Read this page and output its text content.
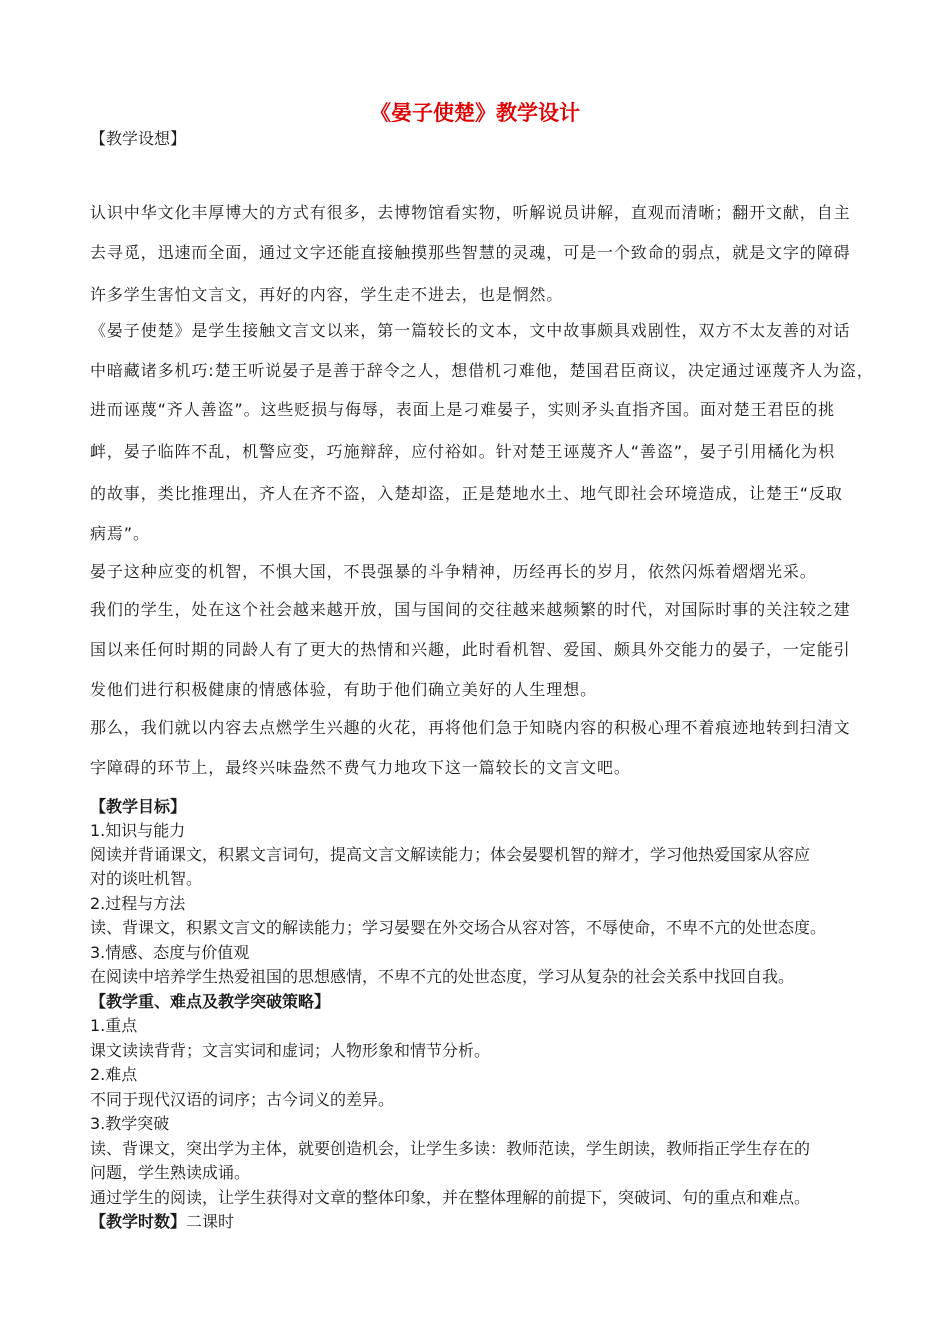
《晏子使楚》教学设计
【教学设想】
认识中华文化丰厚博大的方式有很多，去博物馆看实物，听解说员讲解，直观而清晰；翻开文献，自主
去寻觅，迅速而全面，通过文字还能直接触摸那些智慧的灵魂，可是一个致命的弱点，就是文字的障碍
许多学生害怕文言文，再好的内容，学生走不进去，也是惘然。
《晏子使楚》是学生接触文言文以来，第一篇较长的文本，文中故事颇具戏剧性，双方不太友善的对话
中暗藏诸多机巧:楚王听说晏子是善于辞令之人，想借机刁难他，楚国君臣商议，决定通过诬蔑齐人为盗，
进而诬蔑“齐人善盗”。这些贬损与侮辱，表面上是刁难晏子，实则矛头直指齐国。面对楚王君臣的挑
衅，晏子临阵不乱，机警应变，巧施辩辞，应付裕如。针对楚王诬蔑齐人“善盗”，晏子引用橘化为枳
的故事，类比推理出，齐人在齐不盗，入楚却盗，正是楚地水土、地气即社会环境造成，让楚王“反取
病焉”。
晏子这种应变的机智，不惧大国，不畏强暴的斗争精神，历经再长的岁月，依然闪烁着熠熠光采。
我们的学生，处在这个社会越来越开放，国与国间的交往越来越频繁的时代，对国际时事的关注较之建
国以来任何时期的同龄人有了更大的热情和兴趣，此时看机智、爱国、颇具外交能力的晏子，一定能引
发他们进行积极健康的情感体验，有助于他们确立美好的人生理想。
那么，我们就以内容去点燃学生兴趣的火花，再将他们急于知晓内容的积极心理不着痕迹地转到扫清文
字障碍的环节上，最终兴味盎然不费气力地攻下这一篇较长的文言文吧。
【教学目标】
1.知识与能力
阅读并背诵课文，积累文言词句，提高文言文解读能力；体会晏婴机智的辩才，学习他热爱国家从容应
对的谈吐机智。
2.过程与方法
读、背课文，积累文言文的解读能力；学习晏婴在外交场合从容对答，不辱使命，不卑不亢的处世态度。
3.情感、态度与价值观
在阅读中培养学生热爱祖国的思想感情，不卑不亢的处世态度，学习从复杂的社会关系中找回自我。
【教学重、难点及教学突破策略】
1.重点
课文读读背背；文言实词和虚词；人物形象和情节分析。
2.难点
不同于现代汉语的词序；古今词义的差异。
3.教学突破
读、背课文，突出学为主体，就要创造机会，让学生多读：教师范读，学生朗读，教师指正学生存在的
问题，学生熟读成诵。
通过学生的阅读，让学生获得对文章的整体印象，并在整体理解的前提下，突破词、句的重点和难点。
【教学时数】二课时
